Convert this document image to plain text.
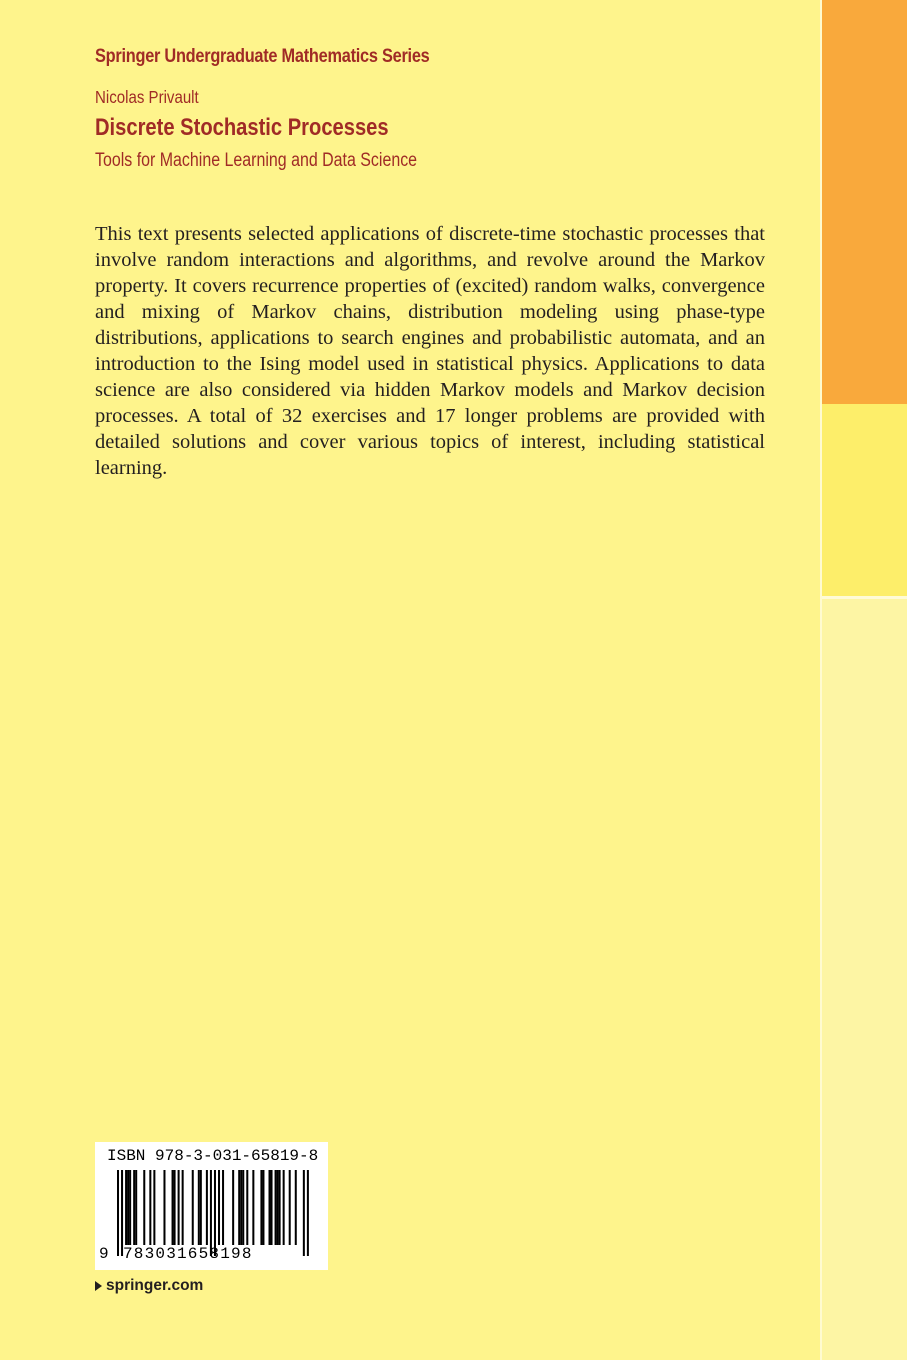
Springer Undergraduate Mathematics Series
Nicolas Privault
Discrete Stochastic Processes
Tools for Machine Learning and Data Science

This text presents selected applications of discrete-time stochastic processes that involve random interactions and algorithms, and revolve around the Markov property. It covers recurrence properties of (excited) random walks, convergence and mixing of Markov chains, distribution modeling using phase-type distributions, applications to search engines and probabilistic automata, and an introduction to the Ising model used in statistical physics. Applications to data science are also considered via hidden Markov models and Markov decision processes. A total of 32 exercises and 17 longer problems are provided with detailed solutions and cover various topics of interest, including statistical learning.

ISBN 978-3-031-65819-8
9 783031658198
springer.com
